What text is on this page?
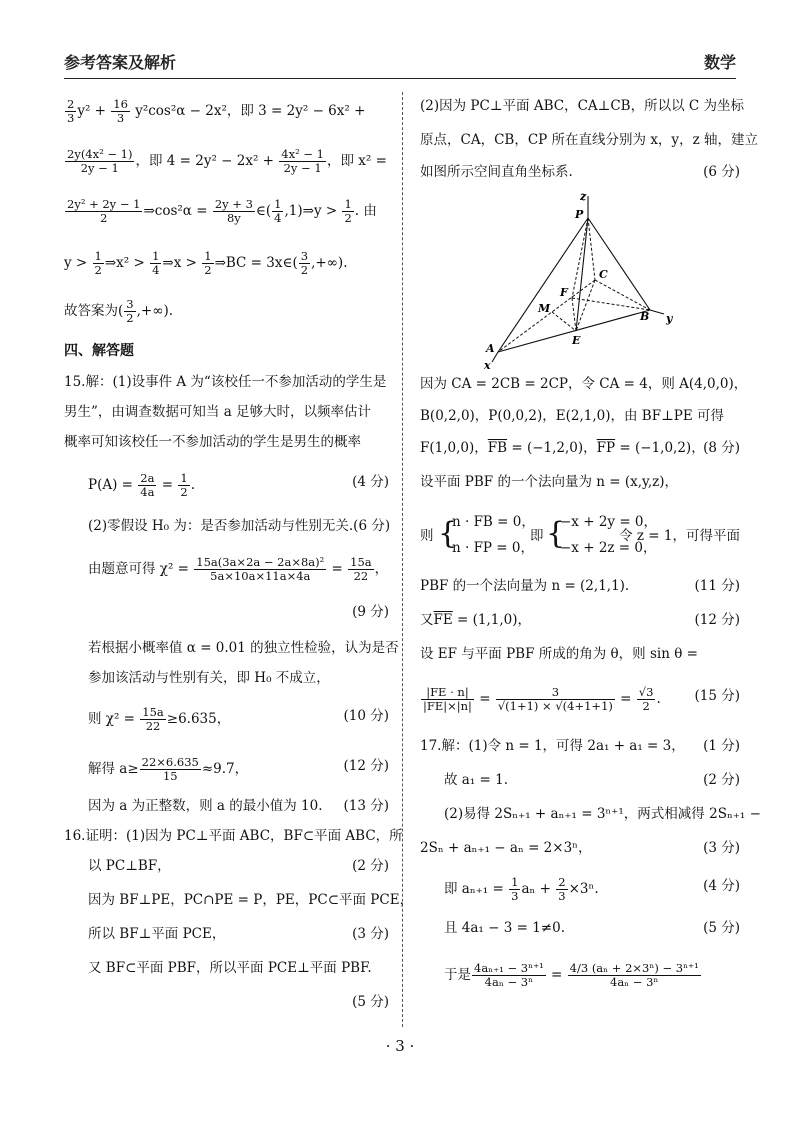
参考答案及解析	数学
$\frac{2}{3} y^2 + \frac{16}{3} y^2\cos^2\alpha - 2x^2$，即 3 = 2y² − 6x² +
$\frac{\text{2y(4x² − 1)}}{2y - 1}$ ，即 $4 = 2y^2 - 2x^2 + \frac{\text{4x² − 1}}{2y - 1}$ ，即 x² =
$\frac{\text{2y² + 2y − 1}}{2}$ ⇒cos²α = $\frac{2y + 3}{8y}$ ∈( $\frac{1}{4}$ ,1)⇒y > $\frac{1}{2}$ . 由
$y > \frac{1}{2}$ ⇒x² > $\frac{1}{4}$ ⇒x > $\frac{1}{2}$ ⇒BC = 3x∈( $\frac{3}{2}$ ,+∞).
故答案为( $\frac{3}{2}$ ,+∞).
四、解答题
15.解：(1)设事件 A 为“该校任一不参加活动的学生是
男生”，由调查数据可知当 a 足够大时，以频率估计
概率可知该校任一不参加活动的学生是男生的概率
$P(A) = \frac{2a}{4a} = \frac{1}{2}$ .	(4 分)
(2)零假设 H₀ 为：是否参加活动与性别无关.(6 分)
由题意可得 $\chi^2 = \frac{\text{15a(3a×2a − 2a×8a)²}}{5a\times 10a\times 11a\times 4a} = \frac{15a}{22}$ ，
(9 分)
若根据小概率值 α = 0.01 的独立性检验，认为是否
参加该活动与性别有关，即 H₀ 不成立，
则 $\chi^2 = \frac{15a}{22} \ge 6.635$，	(10 分)
解得 $a\ge \frac{22\times 6.635}{15} \approx 9.7$，	(12 分)
因为 a 为正整数，则 a 的最小值为 10. (13 分)
16.证明：(1)因为 PC⊥平面 ABC，BF⊂平面 ABC，所
以 PC⊥BF，	(2 分)
因为 BF⊥PE，PC∩PE = P，PE，PC⊂平面 PCE，
所以 BF⊥平面 PCE，	(3 分)
又 BF⊂平面 PBF，所以平面 PCE⊥平面 PBF.
(5 分)
(2)因为 PC⊥平面 ABC，CA⊥CB，所以以 C 为坐标
原点，CA，CB，CP 所在直线分别为 x，y，z 轴，建立
如图所示空间直角坐标系.	(6 分)
z
P
C
F
M
E
B y
A
x
因为 CA = 2CB = 2CP，令 CA = 4，则 A(4,0,0)，
B(0,2,0)，P(0,0,2)，E(2,1,0)，由 BF⊥PE 可得
F(1,0,0)，$\overline{FB} = (-1,2,0)$，$\overline{FP} = (-1,0,2)$，
(8 分)
设平面 PBF 的一个法向量为 n = (x,y,z)，
则 {
n · FB = 0，
n · FP = 0，
即 {
−x + 2y = 0，
−x + 2z = 0，
令 z = 1，可得平面
PBF 的一个法向量为 n = (2,1,1).	(11 分)
又$\overline{FE} = (1,1,0)$，	(12 分)
设 EF 与平面 PBF 所成的角为 θ，则 sin θ =
$\frac{|FE \cdot n|}{|FE|\times|n|} = \frac{3}{√(1+1) \times √(4+1+1)} = \frac{√3}{2}$ .	(15 分)
17.解：(1)令 n = 1，可得 2a₁ + a₁ = 3， (1 分)
故 a₁ = 1.	(2 分)
(2)易得 2Sₙ₊₁ + aₙ₊₁ = 3ⁿ⁺¹，两式相减得 2Sₙ₊₁ −
2Sₙ + aₙ₊₁ − aₙ = 2×3ⁿ，	(3 分)
即 $a_{n+1} = \frac{1}{3}$ $a_n + \frac{2}{3} \times 3^n$.	(4 分)
且 4a₁ − 3 = 1≠0.	(5 分)
于是 $\frac{\text{4aₙ₊₁ − 3ⁿ⁺¹}}{\text{4aₙ − 3ⁿ}} = \frac{\text{4/3 (aₙ + 2×3ⁿ) − 3ⁿ⁺¹}}{\text{4aₙ − 3ⁿ}}$
· 3 ·
